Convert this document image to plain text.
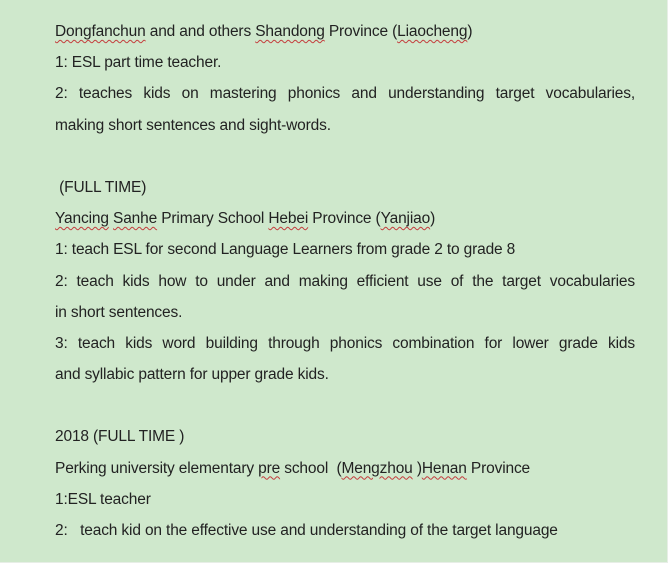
Dongfanchun and and others Shandong Province (Liaocheng)
1: ESL part time teacher.
2: teaches kids on mastering phonics and understanding target vocabularies,
making short sentences and sight-words.
(FULL TIME)
Yancing Sanhe Primary School Hebei Province (Yanjiao)
1: teach ESL for second Language Learners from grade 2 to grade 8
2: teach kids how to under and making efficient use of the target vocabularies
in short sentences.
3: teach kids word building through phonics combination for lower grade kids
and syllabic pattern for upper grade kids.
2018 (FULL TIME )
Perking university elementary pre school  (Mengzhou )Henan Province
1:ESL teacher
2:   teach kid on the effective use and understanding of the target language
